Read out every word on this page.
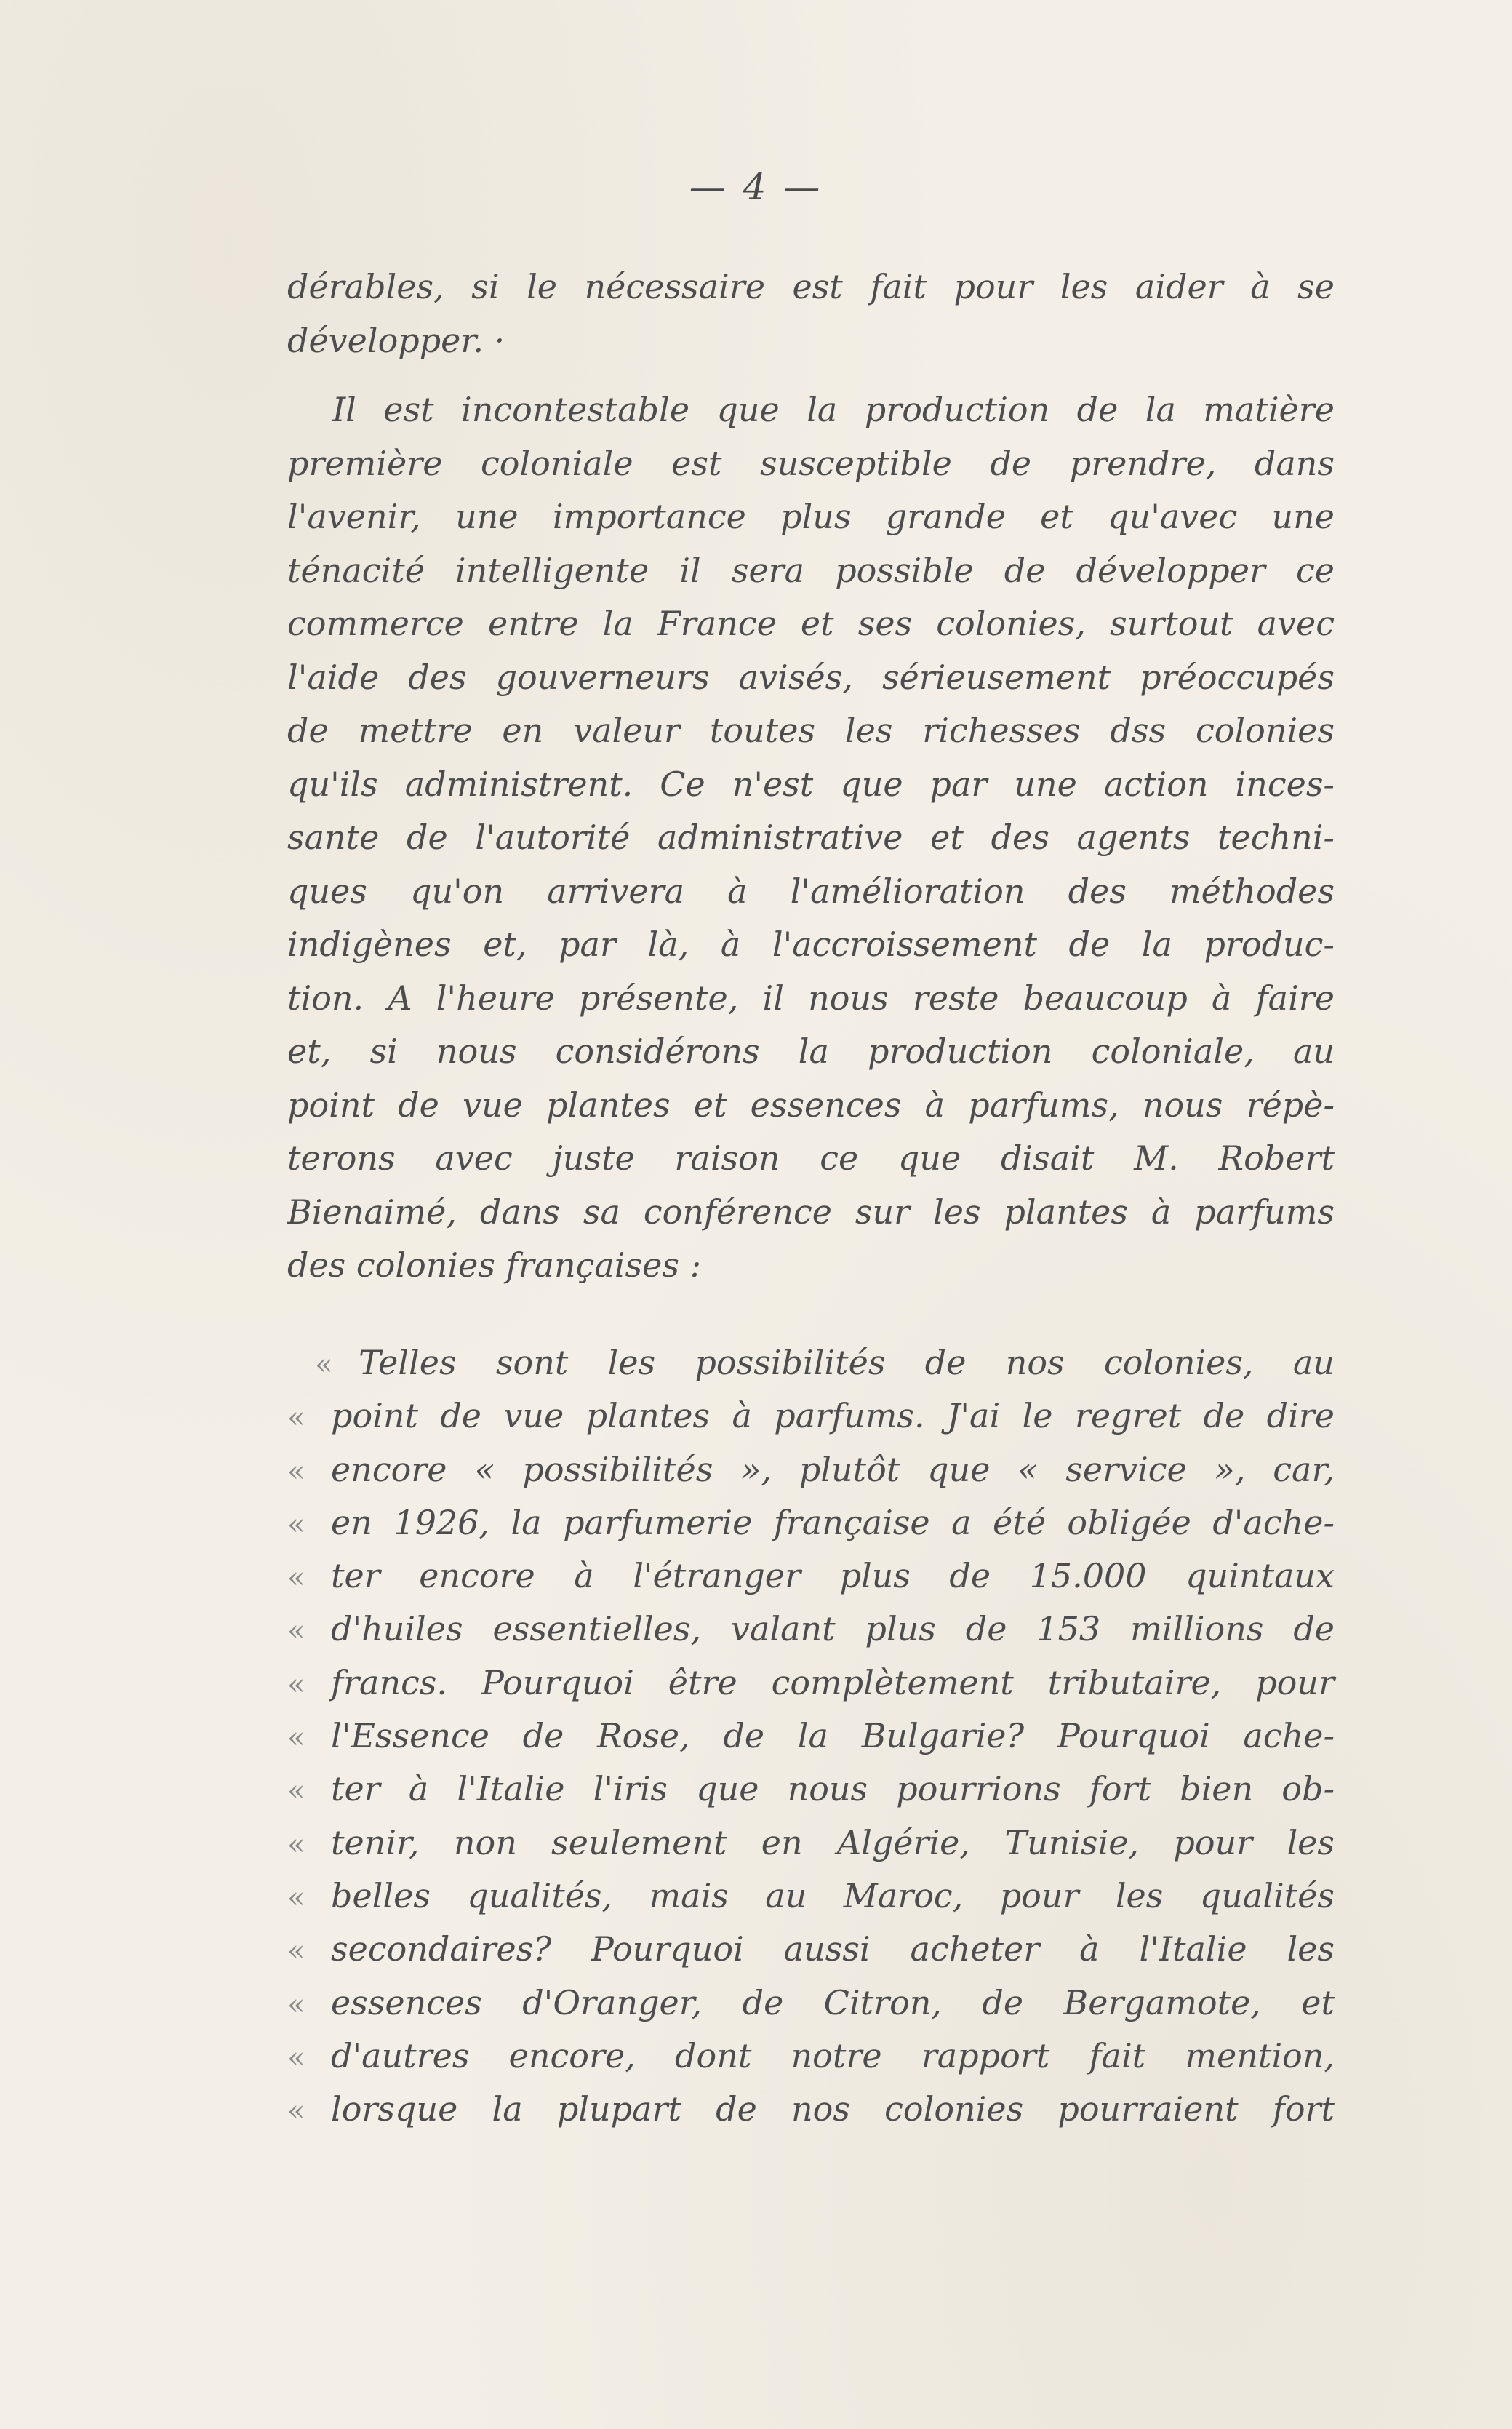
— 4 —
dérables, si le nécessaire est fait pour les aider à se
développer. ·
Il est incontestable que la production de la matière
première coloniale est susceptible de prendre, dans
l'avenir, une importance plus grande et qu'avec une
ténacité intelligente il sera possible de développer ce
commerce entre la France et ses colonies, surtout avec
l'aide des gouverneurs avisés, sérieusement préoccupés
de mettre en valeur toutes les richesses dss colonies
qu'ils administrent. Ce n'est que par une action inces-
sante de l'autorité administrative et des agents techni-
ques qu'on arrivera à l'amélioration des méthodes
indigènes et, par là, à l'accroissement de la produc-
tion. A l'heure présente, il nous reste beaucoup à faire
et, si nous considérons la production coloniale, au
point de vue plantes et essences à parfums, nous répè-
terons avec juste raison ce que disait M. Robert
Bienaimé, dans sa conférence sur les plantes à parfums
des colonies françaises :
« Telles sont les possibilités de nos colonies, au
« point de vue plantes à parfums. J'ai le regret de dire
« encore « possibilités », plutôt que « service », car,
« en 1926, la parfumerie française a été obligée d'ache-
« ter encore à l'étranger plus de 15.000 quintaux
« d'huiles essentielles, valant plus de 153 millions de
« francs. Pourquoi être complètement tributaire, pour
« l'Essence de Rose, de la Bulgarie? Pourquoi ache-
« ter à l'Italie l'iris que nous pourrions fort bien ob-
« tenir, non seulement en Algérie, Tunisie, pour les
« belles qualités, mais au Maroc, pour les qualités
« secondaires? Pourquoi aussi acheter à l'Italie les
« essences d'Oranger, de Citron, de Bergamote, et
« d'autres encore, dont notre rapport fait mention,
« lorsque la plupart de nos colonies pourraient fort
